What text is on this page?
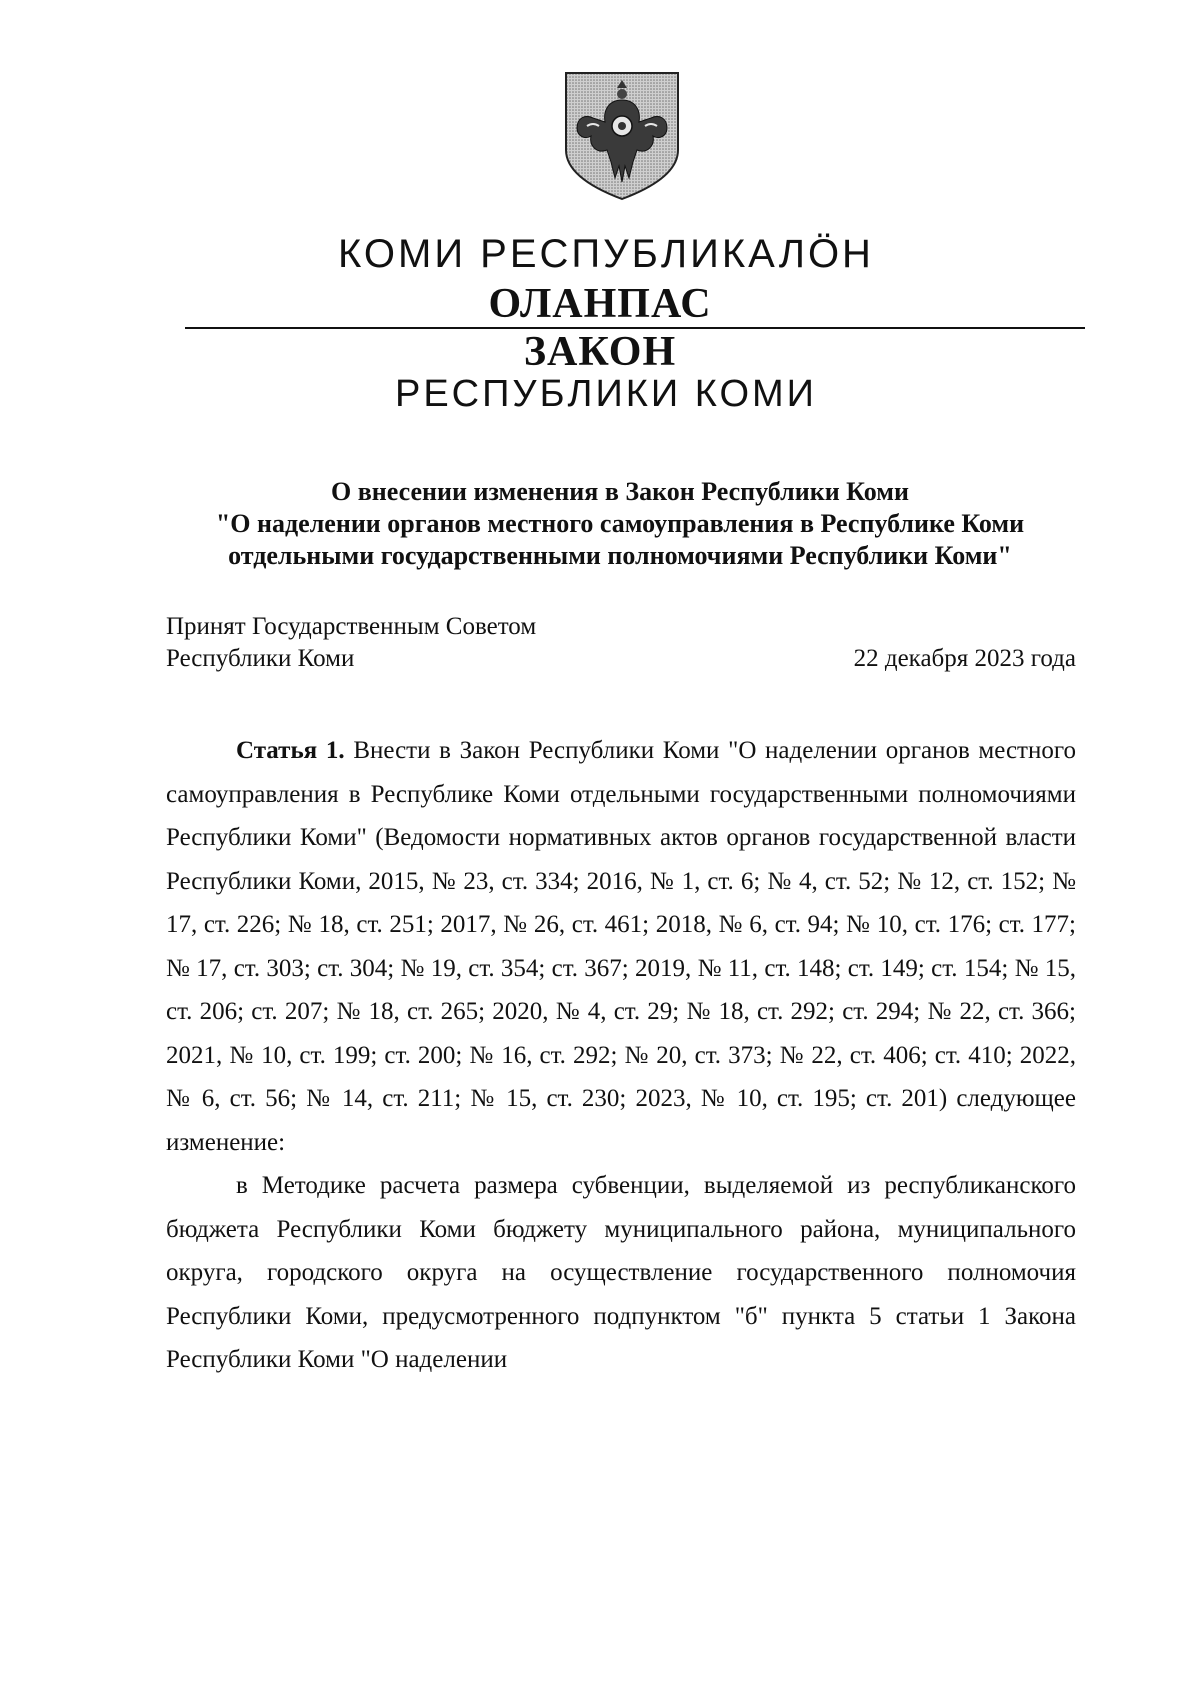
КОМИ РЕСПУБЛИКАЛӦН
ОЛАНПАС
ЗАКОН
РЕСПУБЛИКИ КОМИ
О внесении изменения в Закон Республики Коми
"О наделении органов местного самоуправления в Республике Коми
отдельными государственными полномочиями Республики Коми"
Принят Государственным Советом
Республики Коми	22 декабря 2023 года

Статья 1. Внести в Закон Республики Коми "О наделении органов местного самоуправления в Республике Коми отдельными государственными полномочиями Республики Коми" (Ведомости нормативных актов органов государственной власти Республики Коми, 2015, № 23, ст. 334; 2016, № 1, ст. 6; № 4, ст. 52; № 12, ст. 152; № 17, ст. 226; № 18, ст. 251; 2017, № 26, ст. 461; 2018, № 6, ст. 94; № 10, ст. 176; ст. 177; № 17, ст. 303; ст. 304; № 19, ст. 354; ст. 367; 2019, № 11, ст. 148; ст. 149; ст. 154; № 15, ст. 206; ст. 207; № 18, ст. 265; 2020, № 4, ст. 29; № 18, ст. 292; ст. 294; № 22, ст. 366; 2021, № 10, ст. 199; ст. 200; № 16, ст. 292; № 20, ст. 373; № 22, ст. 406; ст. 410; 2022, № 6, ст. 56; № 14, ст. 211; № 15, ст. 230; 2023, № 10, ст. 195; ст. 201) следующее изменение:

в Методике расчета размера субвенции, выделяемой из республиканского бюджета Республики Коми бюджету муниципального района, муниципального округа, городского округа на осуществление государственного полномочия Республики Коми, предусмотренного подпунктом "б" пункта 5 статьи 1 Закона Республики Коми "О наделении
